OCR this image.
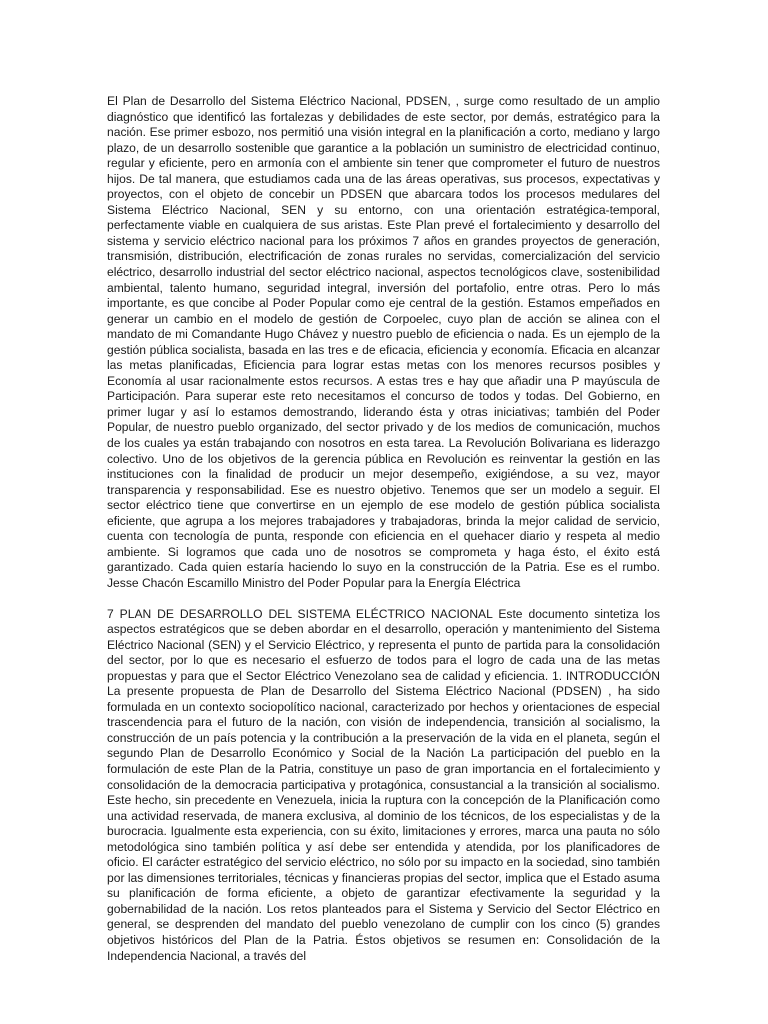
El Plan de Desarrollo del Sistema Eléctrico Nacional, PDSEN, , surge como resultado de un amplio diagnóstico que identificó las fortalezas y debilidades de este sector, por demás, estratégico para la nación. Ese primer esbozo, nos permitió una visión integral en la planificación a corto, mediano y largo plazo, de un desarrollo sostenible que garantice a la población un suministro de electricidad continuo, regular y eficiente, pero en armonía con el ambiente sin tener que comprometer el futuro de nuestros hijos. De tal manera, que estudiamos cada una de las áreas operativas, sus procesos, expectativas y proyectos, con el objeto de concebir un PDSEN que abarcara todos los procesos medulares del Sistema Eléctrico Nacional, SEN y su entorno, con una orientación estratégica-temporal, perfectamente viable en cualquiera de sus aristas. Este Plan prevé el fortalecimiento y desarrollo del sistema y servicio eléctrico nacional para los próximos 7 años en grandes proyectos de generación, transmisión, distribución, electrificación de zonas rurales no servidas, comercialización del servicio eléctrico, desarrollo industrial del sector eléctrico nacional, aspectos tecnológicos clave, sostenibilidad ambiental, talento humano, seguridad integral, inversión del portafolio, entre otras. Pero lo más importante, es que concibe al Poder Popular como eje central de la gestión. Estamos empeñados en generar un cambio en el modelo de gestión de Corpoelec, cuyo plan de acción se alinea con el mandato de mi Comandante Hugo Chávez y nuestro pueblo de eficiencia o nada. Es un ejemplo de la gestión pública socialista, basada en las tres e de eficacia, eficiencia y economía. Eficacia en alcanzar las metas planificadas, Eficiencia para lograr estas metas con los menores recursos posibles y Economía al usar racionalmente estos recursos. A estas tres e hay que añadir una P mayúscula de Participación. Para superar este reto necesitamos el concurso de todos y todas. Del Gobierno, en primer lugar y así lo estamos demostrando, liderando ésta y otras iniciativas; también del Poder Popular, de nuestro pueblo organizado, del sector privado y de los medios de comunicación, muchos de los cuales ya están trabajando con nosotros en esta tarea. La Revolución Bolivariana es liderazgo colectivo. Uno de los objetivos de la gerencia pública en Revolución es reinventar la gestión en las instituciones con la finalidad de producir un mejor desempeño, exigiéndose, a su vez, mayor transparencia y responsabilidad. Ese es nuestro objetivo. Tenemos que ser un modelo a seguir. El sector eléctrico tiene que convertirse en un ejemplo de ese modelo de gestión pública socialista eficiente, que agrupa a los mejores trabajadores y trabajadoras, brinda la mejor calidad de servicio, cuenta con tecnología de punta, responde con eficiencia en el quehacer diario y respeta al medio ambiente. Si logramos que cada uno de nosotros se comprometa y haga ésto, el éxito está garantizado. Cada quien estaría haciendo lo suyo en la construcción de la Patria. Ese es el rumbo. Jesse Chacón Escamillo Ministro del Poder Popular para la Energía Eléctrica

7 PLAN DE DESARROLLO DEL SISTEMA ELÉCTRICO NACIONAL Este documento sintetiza los aspectos estratégicos que se deben abordar en el desarrollo, operación y mantenimiento del Sistema Eléctrico Nacional (SEN) y el Servicio Eléctrico, y representa el punto de partida para la consolidación del sector, por lo que es necesario el esfuerzo de todos para el logro de cada una de las metas propuestas y para que el Sector Eléctrico Venezolano sea de calidad y eficiencia. 1. INTRODUCCIÓN La presente propuesta de Plan de Desarrollo del Sistema Eléctrico Nacional (PDSEN) , ha sido formulada en un contexto sociopolítico nacional, caracterizado por hechos y orientaciones de especial trascendencia para el futuro de la nación, con visión de independencia, transición al socialismo, la construcción de un país potencia y la contribución a la preservación de la vida en el planeta, según el segundo Plan de Desarrollo Económico y Social de la Nación La participación del pueblo en la formulación de este Plan de la Patria, constituye un paso de gran importancia en el fortalecimiento y consolidación de la democracia participativa y protagónica, consustancial a la transición al socialismo. Este hecho, sin precedente en Venezuela, inicia la ruptura con la concepción de la Planificación como una actividad reservada, de manera exclusiva, al dominio de los técnicos, de los especialistas y de la burocracia. Igualmente esta experiencia, con su éxito, limitaciones y errores, marca una pauta no sólo metodológica sino también política y así debe ser entendida y atendida, por los planificadores de oficio. El carácter estratégico del servicio eléctrico, no sólo por su impacto en la sociedad, sino también por las dimensiones territoriales, técnicas y financieras propias del sector, implica que el Estado asuma su planificación de forma eficiente, a objeto de garantizar efectivamente la seguridad y la gobernabilidad de la nación. Los retos planteados para el Sistema y Servicio del Sector Eléctrico en general, se desprenden del mandato del pueblo venezolano de cumplir con los cinco (5) grandes objetivos históricos del Plan de la Patria. Éstos objetivos se resumen en: Consolidación de la Independencia Nacional, a través del
